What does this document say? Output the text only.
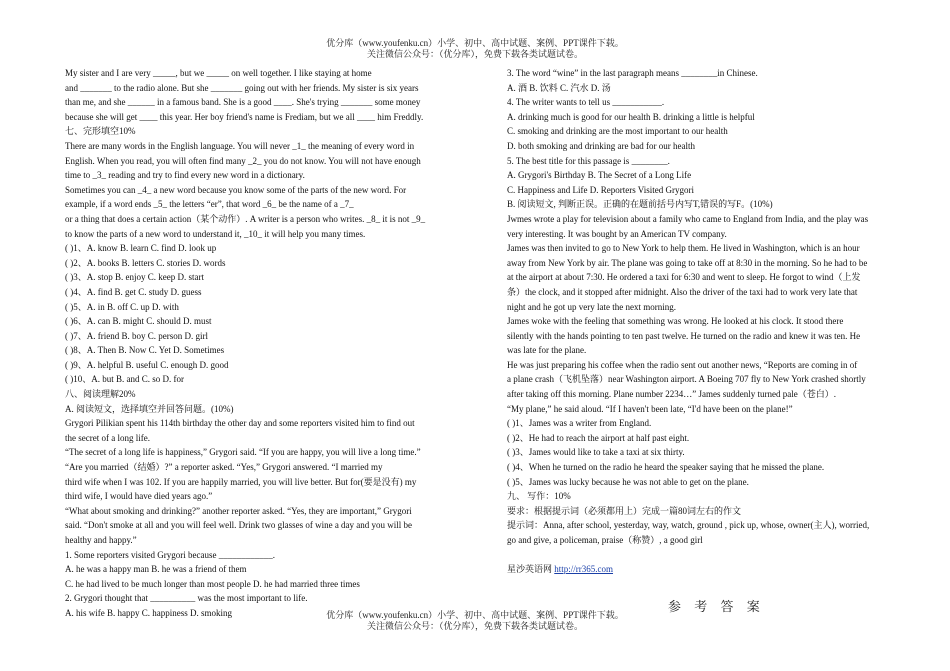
优分库（www.youfenku.cn）小学、初中、高中试题、案例、PPT课件下载。
关注微信公众号：（优分库），免费下载各类试题试卷。
My sister and I are very _____, but we _____ on well together. I like staying at home
and _______ to the radio alone. But she _______ going out with her friends. My sister is six years
than me, and she ______ in a famous band. She is a good ____. She's trying _______ some money
because she will get ____ this year. Her boy friend's name is Frediam, but we all ____ him Freddly.
七、完形填空10%
There are many words in the English language. You will never _1_ the meaning of every word in
English. When you read, you will often find many _2_ you do not know. You will not have enough
time to _3_ reading and try to find every new word in a dictionary.
Sometimes you can _4_ a new word because you know some of the parts of the new word. For
example, if a word ends _5_ the letters “er”, that word _6_ be the name of a _7_
or a thing that does a certain action（某个动作）. A writer is a person who writes. _8_ it is not _9_
to know the parts of a new word to understand it, _10_ it will help you many times.
( )1、A. know B. learn C. find D. look up
( )2、A. books B. letters C. stories D. words
( )3、A. stop B. enjoy C. keep D. start
( )4、A. find B. get C. study D. guess
( )5、A. in B. off C. up D. with
( )6、A. can B. might C. should D. must
( )7、A. friend B. boy C. person D. girl
( )8、A. Then B. Now C. Yet D. Sometimes
( )9、A. helpful B. useful C. enough D. good
( )10、A. but B. and C. so D. for
八、阅读理解20%
A. 阅读短文，选择填空并回答问题。(10%)
Grygori Pilikian spent his 114th birthday the other day and some reporters visited him to find out
the secret of a long life.
“The secret of a long life is happiness,” Grygori said. “If you are happy, you will live a long time.”
“Are you married（结婚）?” a reporter asked. “Yes,” Grygori answered. “I married my
third wife when I was 102. If you are happily married, you will live better. But for(要是没有) my
third wife, I would have died years ago.”
“What about smoking and drinking?” another reporter asked. “Yes, they are important,” Grygori
said. “Don't smoke at all and you will feel well. Drink two glasses of wine a day and you will be
healthy and happy.”
1. Some reporters visited Grygori because ____________.
A. he was a happy man B. he was a friend of them
C. he had lived to be much longer than most people D. he had married three times
2. Grygori thought that __________ was the most important to life.
A. his wife B. happy C. happiness D. smoking
3. The word “wine” in the last paragraph means ________in Chinese.
A. 酒 B. 饮料 C. 汽水 D. 汤
4. The writer wants to tell us ___________.
A. drinking much is good for our health B. drinking a little is helpful
C. smoking and drinking are the most important to our health
D. both smoking and drinking are bad for our health
5. The best title for this passage is ________.
A. Grygori's Birthday B. The Secret of a Long Life
C. Happiness and Life D. Reporters Visited Grygori
B. 阅读短文, 判断正误。正确的在题前括号内写T,错误的写F。(10%)
Jwmes wrote a play for television about a family who came to England from India, and the play was
very interesting. It was bought by an American TV company.
James was then invited to go to New York to help them. He lived in Washington, which is an hour
away from New York by air. The plane was going to take off at 8:30 in the morning. So he had to be
at the airport at about 7:30. He ordered a taxi for 6:30 and went to sleep. He forgot to wind（上发
条）the clock, and it stopped after midnight. Also the driver of the taxi had to work very late that
night and he got up very late the next morning.
James woke with the feeling that something was wrong. He looked at his clock. It stood there
silently with the hands pointing to ten past twelve. He turned on the radio and knew it was ten. He
was late for the plane.
He was just preparing his coffee when the radio sent out another news, “Reports are coming in of
a plane crash（飞机坠落）near Washington airport. A Boeing 707 fly to New York crashed shortly
after taking off this morning. Plane number 2234…” James suddenly turned pale（苍白）.
“My plane,” he said aloud. “If I haven't been late, “I'd have been on the plane!”
( )1、James was a writer from England.
( )2、He had to reach the airport at half past eight.
( )3、James would like to take a taxi at six thirty.
( )4、When he turned on the radio he heard the speaker saying that he missed the plane.
( )5、James was lucky because he was not able to get on the plane.
九、 写作：10%
要求：根据提示词（必须都用上）完成一篇80词左右的作文
提示词：Anna, after school, yesterday, way, watch, ground , pick up, whose, owner(主人), worried,
go and give, a policeman, praise（称赞）, a good girl
星沙英语网 http://rr365.com
参 考 答 案
优分库（www.youfenku.cn）小学、初中、高中试题、案例、PPT课件下载。
关注微信公众号：（优分库），免费下载各类试题试卷。
